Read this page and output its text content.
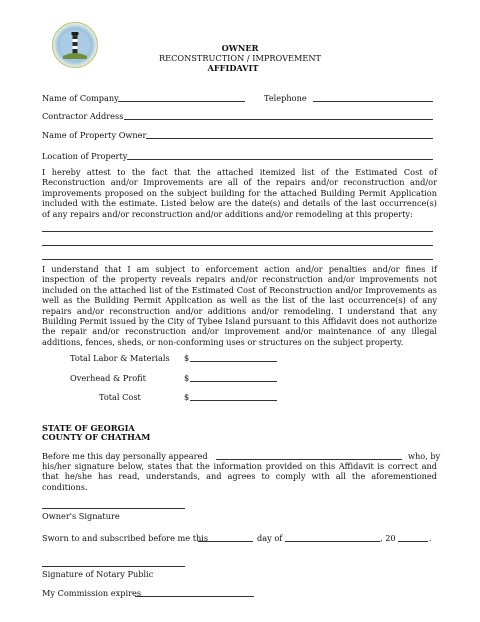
OWNER
RECONSTRUCTION / IMPROVEMENT
AFFIDAVIT
Name of Company	Telephone
Contractor Address
Name of Property Owner
Location of Property
I hereby attest to the fact that the attached itemized list of the Estimated Cost of Reconstruction and/or Improvements are all of the repairs and/or reconstruction and/or improvements proposed on the subject building for the attached Building Permit Application included with the estimate. Listed below are the date(s) and details of the last occurrence(s) of any repairs and/or reconstruction and/or additions and/or remodeling at this property:
I understand that I am subject to enforcement action and/or penalties and/or fines if inspection of the property reveals repairs and/or reconstruction and/or improvements not included on the attached list of the Estimated Cost of Reconstruction and/or Improvements as well as the Building Permit Application as well as the list of the last occurrence(s) of any repairs and/or reconstruction and/or additions and/or remodeling. I understand that any Building Permit issued by the City of Tybee Island pursuant to this Affidavit does not authorize the repair and/or reconstruction and/or improvement and/or maintenance of any illegal additions, fences, sheds, or non-conforming uses or structures on the subject property.
Total Labor & Materials $
Overhead & Profit	$
Total Cost	$
STATE OF GEORGIA
COUNTY OF CHATHAM
Before me this day personally appeared	who, by
his/her signature below, states that the information provided on this Affidavit is correct and that he/she has read, understands, and agrees to comply with all the aforementioned conditions.
Owner's Signature
Sworn to and subscribed before me this	day of	, 20	.
Signature of Notary Public
My Commission expires
